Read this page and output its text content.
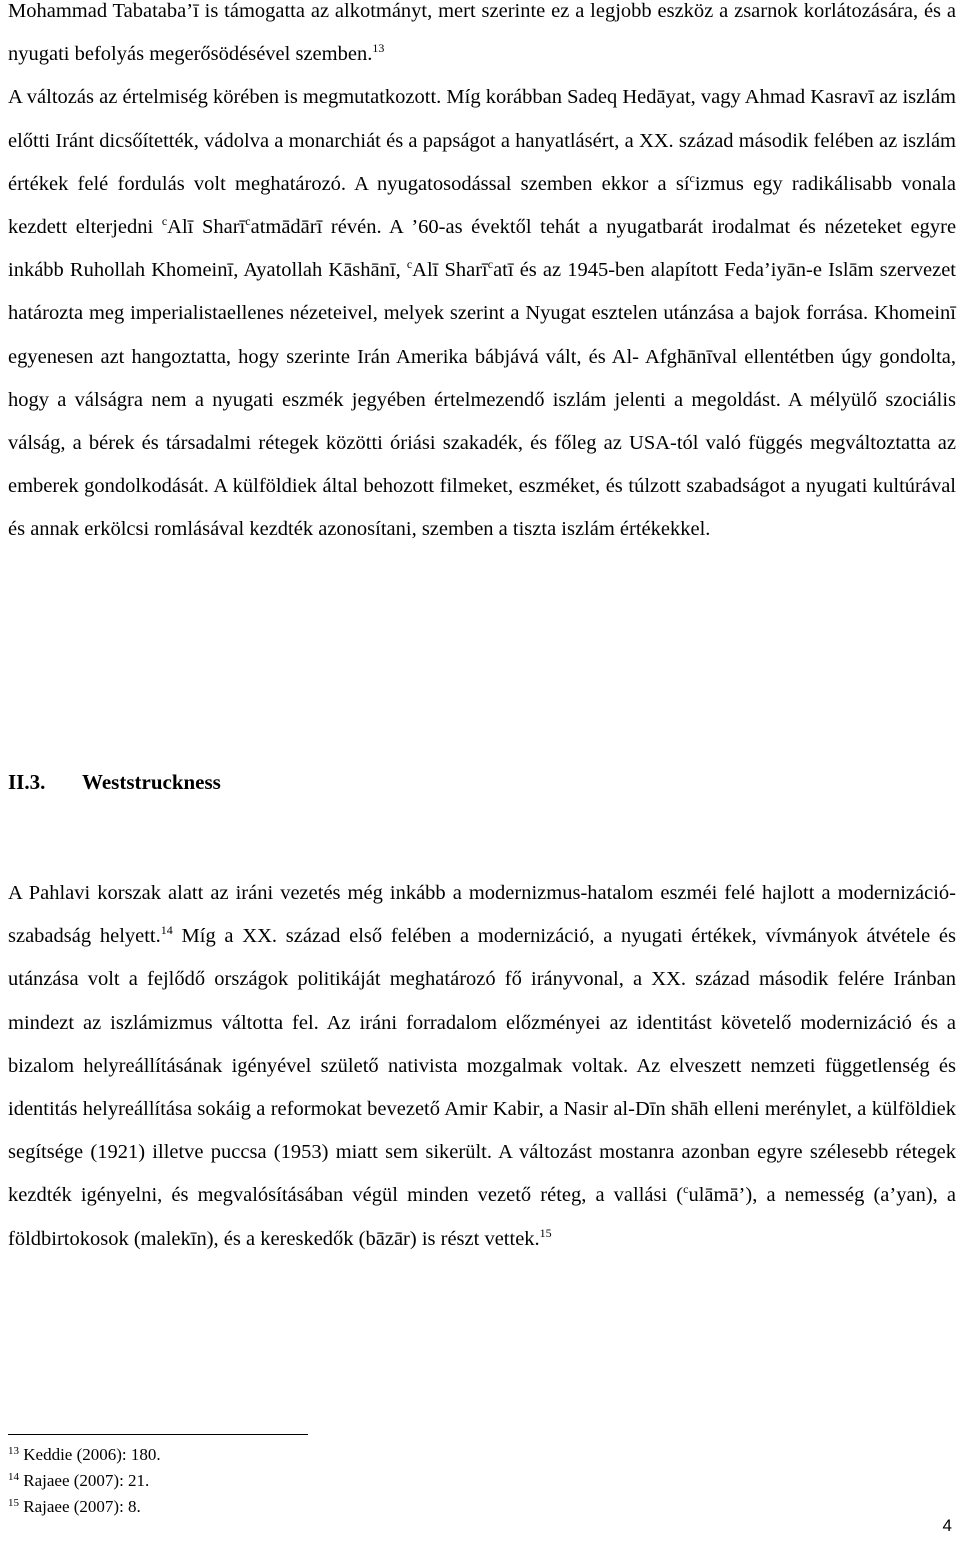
Mohammad Tabataba’ī is támogatta az alkotmányt, mert szerinte ez a legjobb eszköz a zsarnok korlátozására, és a nyugati befolyás megerősödésével szemben.$^{13}$
A változás az értelmiség körében is megmutatkozott. Míg korábban Sadeq Hedāyat, vagy Ahmad Kasravī az iszlám előtti Iránt dicsőítették, vádolva a monarchiát és a papságot a hanyatlásért, a XX. század második felében az iszlám értékek felé fordulás volt meghatározó. A nyugatosodással szemben ekkor a $sí^cizmus$ egy radikálisabb vonala kezdett elterjedni $^c$Alī Sharī$^c$atmādārī révén. A ’60-as évektől tehát a nyugatbarát irodalmat és nézeteket egyre inkább Ruhollah Khomeinī, Ayatollah Kāshānī, $^c$Alī Sharī$^c$atī és az 1945-ben alapított Feda’iyān-e Islām szervezet határozta meg imperialistaellenes nézeteivel, melyek szerint a Nyugat esztelen utánzása a bajok forrása. Khomeinī egyenesen azt hangoztatta, hogy szerinte Irán Amerika bábjává vált, és Al- Afghānīval ellentétben úgy gondolta, hogy a válságra nem a nyugati eszmék jegyében értelmezendő iszlám jelenti a megoldást. A mélyülő szociális válság, a bérek és társadalmi rétegek közötti óriási szakadék, és főleg az USA-tól való függés megváltoztatta az emberek gondolkodását. A külföldiek által behozott filmeket, eszméket, és túlzott szabadságot a nyugati kultúrával és annak erkölcsi romlásával kezdték azonosítani, szemben a tiszta iszlám értékekkel.

II.3. Weststruckness

A Pahlavi korszak alatt az iráni vezetés még inkább a modernizmus-hatalom eszméi felé hajlott a modernizáció-szabadság helyett.$^{14}$ Míg a XX. század első felében a modernizáció, a nyugati értékek, vívmányok átvétele és utánzása volt a fejlődő országok politikáját meghatározó fő irányvonal, a XX. század második felére Iránban mindezt az iszlámizmus váltotta fel. Az iráni forradalom előzményei az identitást követelő modernizáció és a bizalom helyreállításának igényével születő nativista mozgalmak voltak. Az elveszett nemzeti függetlenség és identitás helyreállítása sokáig a reformokat bevezető Amir Kabir, a Nasir al-Dīn shāh elleni merénylet, a külföldiek segítsége (1921) illetve puccsa (1953) miatt sem sikerült. A változást mostanra azonban egyre szélesebb rétegek kezdték igényelni, és megvalósításában végül minden vezető réteg, a vallási ($^c$ulāmā’), a nemesség (a’yan), a földbirtokosok (malekīn), és a kereskedők (bāzār) is részt vettek.$^{15}$

$^{13}$ Keddie (2006): 180.
$^{14}$ Rajaee (2007): 21.
$^{15}$ Rajaee (2007): 8.
4
